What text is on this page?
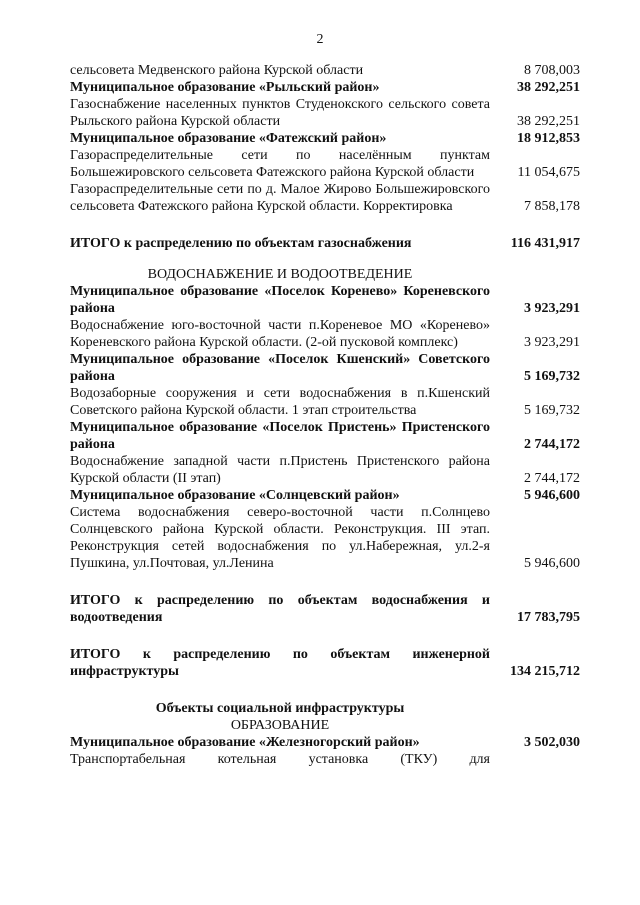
2
сельсовета Медвенского района Курской области	8 708,003
Муниципальное образование «Рыльский район»	38 292,251
Газоснабжение населенных пунктов Студенокского сельского совета Рыльского района Курской области	38 292,251
Муниципальное образование «Фатежский район»	18 912,853
Газораспределительные сети по населённым пунктам Большежировского сельсовета Фатежского района Курской области	11 054,675
Газораспределительные сети по д. Малое Жирово Большежировского сельсовета Фатежского района Курской области. Корректировка	7 858,178
ИТОГО к распределению по объектам газоснабжения	116 431,917
ВОДОСНАБЖЕНИЕ И ВОДООТВЕДЕНИЕ
Муниципальное образование «Поселок Коренево» Кореневского района	3 923,291
Водоснабжение юго-восточной части п.Кореневое МО «Коренево» Кореневского района Курской области. (2-ой пусковой комплекс)	3 923,291
Муниципальное образование «Поселок Кшенский» Советского района	5 169,732
Водозаборные сооружения и сети водоснабжения в п.Кшенский Советского района Курской области. 1 этап строительства	5 169,732
Муниципальное образование «Поселок Пристень» Пристенского района	2 744,172
Водоснабжение западной части п.Пристень Пристенского района Курской области (II этап)	2 744,172
Муниципальное образование «Солнцевский район»	5 946,600
Система водоснабжения северо-восточной части п.Солнцево Солнцевского района Курской области. Реконструкция. III этап. Реконструкция сетей водоснабжения по ул.Набережная, ул.2-я Пушкина, ул.Почтовая, ул.Ленина	5 946,600
ИТОГО к распределению по объектам водоснабжения и водоотведения	17 783,795
ИТОГО к распределению по объектам инженерной инфраструктуры	134 215,712
Объекты социальной инфраструктуры
ОБРАЗОВАНИЕ
Муниципальное образование «Железногорский район»	3 502,030
Транспортабельная котельная установка (ТКУ) для
